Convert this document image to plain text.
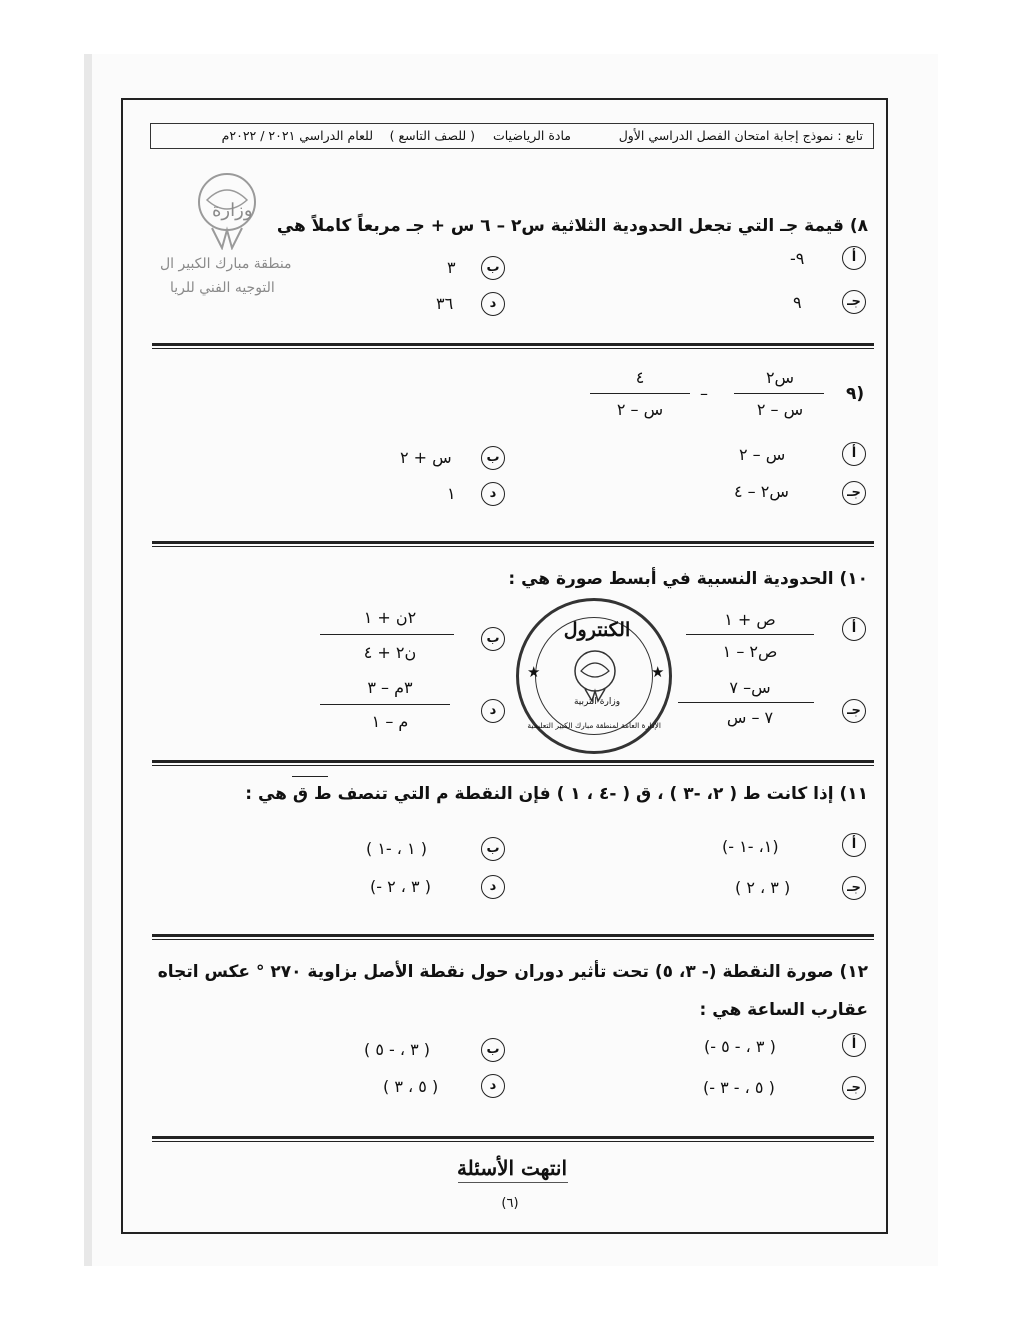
تابع : نموذج إجابة امتحان الفصل الدراسي الأول
مادة الرياضيات
( للصف التاسع )
للعام الدراسي ٢٠٢١ / ٢٠٢٢م
وزارة
منطقة مبارك الكبير ال
التوجيه الفني للريا
٨) قيمة جـ التي تجعل الحدودية الثلاثية س٢ – ٦ س + جـ مربعاً كاملاً هي
أ
-٩
ب
٣
جـ
٩
د
٣٦
٩)
س٢
س – ٢
–
٤
س – ٢
أ
س – ٢
ب
س + ٢
جـ
س٢ – ٤
د
١
١٠) الحدودية النسبية في أبسط صورة هي :
أ
ص + ١
ص٢ – ١
ب
٢ن + ١
ن٢ + ٤
جـ
س– ٧
٧ – س
د
٣م – ٣
م – ١
الكنترول
وزارة التربية
الإدارة العامة لمنطقة مبارك الكبير التعليمية
★	★
١١) إذا كانت ط ( ٢، -٣ ) ، ق ( -٤ ، ١ ) فإن النقطة م التي تنصف ط ق هي :
أ
(- ١، -١)
ب
( ١ ، -١ )
جـ
( ٣ ، ٢ )
د
(- ٣ ، ٢ )
١٢) صورة النقطة (- ٣، ٥) تحت تأثير دوران حول نقطة الأصل بزاوية ٢٧٠ ° عكس اتجاه
عقارب الساعة هي :
أ
(- ٣ ، - ٥ )
ب
( ٣ ، - ٥ )
جـ
(- ٥ ، - ٣ )
د
( ٥ ، ٣ )
انتهت الأسئلة
(٦)
